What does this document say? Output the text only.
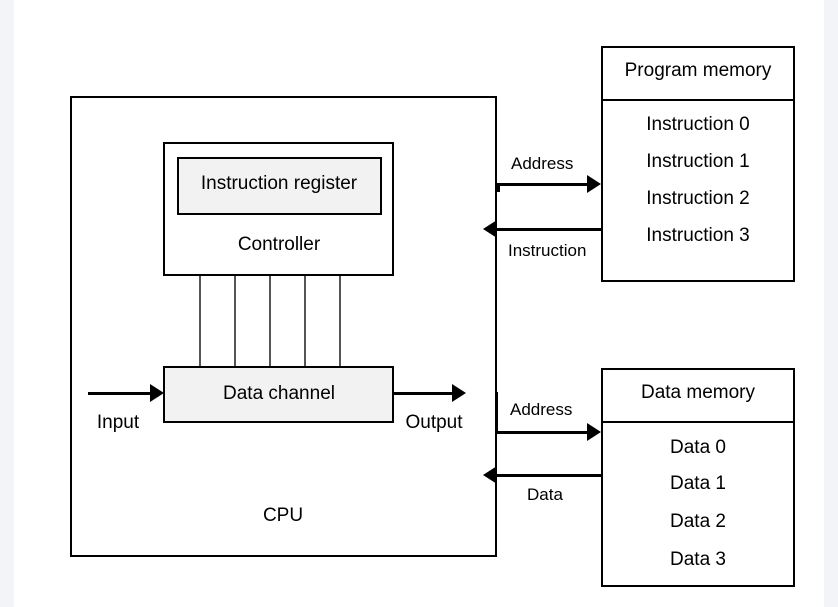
CPU
Instruction register
Controller
Data channel
Input	Output
Program memory
Instruction 0
Instruction 1
Instruction 2
Instruction 3
Address
Instruction
Data memory
Data 0
Data 1
Data 2
Data 3
Address
Data
